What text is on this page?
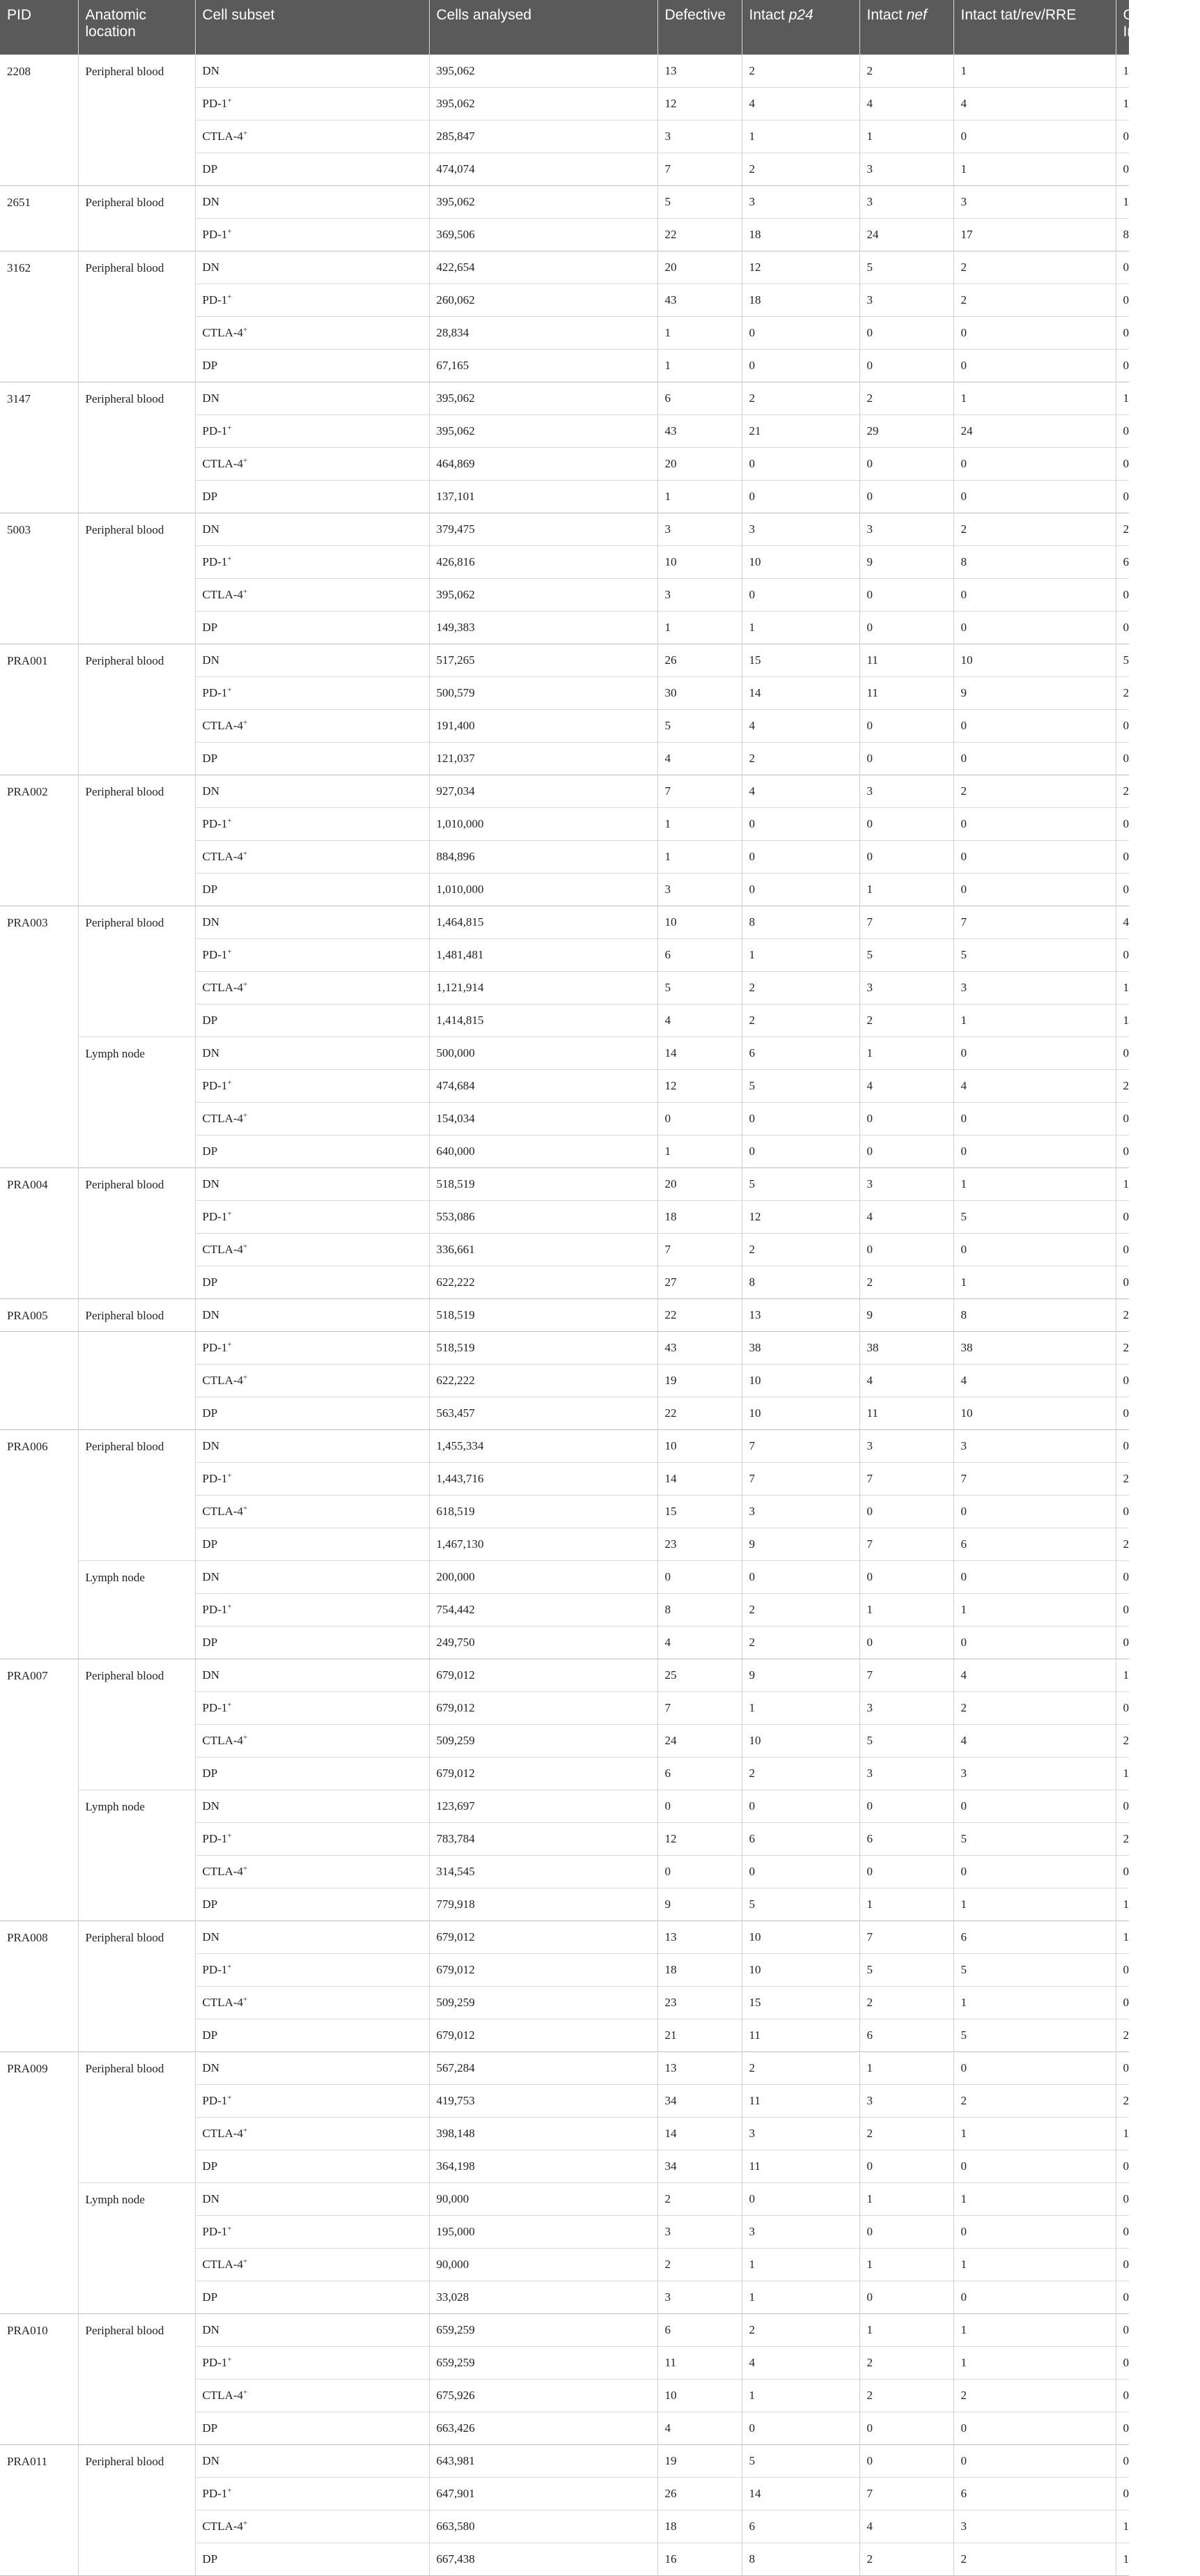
PID	Anatomic location	Cell subset	Cells analysed	Defective	Intact p24	Intact nef	Intact tat/rev/RRE	Genetically-Intact
2208	Peripheral blood	DN	395,062	13	2	2	1	1
		PD-1+	395,062	12	4	4	4	1
		CTLA-4+	285,847	3	1	1	0	0
		DP	474,074	7	2	3	1	0
2651	Peripheral blood	DN	395,062	5	3	3	3	1
		PD-1+	369,506	22	18	24	17	8
3162	Peripheral blood	DN	422,654	20	12	5	2	0
		PD-1+	260,062	43	18	3	2	0
		CTLA-4+	28,834	1	0	0	0	0
		DP	67,165	1	0	0	0	0
3147	Peripheral blood	DN	395,062	6	2	2	1	1
		PD-1+	395,062	43	21	29	24	0
		CTLA-4+	464,869	20	0	0	0	0
		DP	137,101	1	0	0	0	0
5003	Peripheral blood	DN	379,475	3	3	3	2	2
		PD-1+	426,816	10	10	9	8	6
		CTLA-4+	395,062	3	0	0	0	0
		DP	149,383	1	1	0	0	0
PRA001	Peripheral blood	DN	517,265	26	15	11	10	5
		PD-1+	500,579	30	14	11	9	2
		CTLA-4+	191,400	5	4	0	0	0
		DP	121,037	4	2	0	0	0
PRA002	Peripheral blood	DN	927,034	7	4	3	2	2
		PD-1+	1,010,000	1	0	0	0	0
		CTLA-4+	884,896	1	0	0	0	0
		DP	1,010,000	3	0	1	0	0
PRA003	Peripheral blood	DN	1,464,815	10	8	7	7	4
		PD-1+	1,481,481	6	1	5	5	0
		CTLA-4+	1,121,914	5	2	3	3	1
		DP	1,414,815	4	2	2	1	1
	Lymph node	DN	500,000	14	6	1	0	0
		PD-1+	474,684	12	5	4	4	2
		CTLA-4+	154,034	0	0	0	0	0
		DP	640,000	1	0	0	0	0
PRA004	Peripheral blood	DN	518,519	20	5	3	1	1
		PD-1+	553,086	18	12	4	5	0
		CTLA-4+	336,661	7	2	0	0	0
		DP	622,222	27	8	2	1	0
PRA005	Peripheral blood	DN	518,519	22	13	9	8	2
		PD-1+	518,519	43	38	38	38	2
		CTLA-4+	622,222	19	10	4	4	0
		DP	563,457	22	10	11	10	0
PRA006	Peripheral blood	DN	1,455,334	10	7	3	3	0
		PD-1+	1,443,716	14	7	7	7	2
		CTLA-4+	618,519	15	3	0	0	0
		DP	1,467,130	23	9	7	6	2
	Lymph node	DN	200,000	0	0	0	0	0
		PD-1+	754,442	8	2	1	1	0
		DP	249,750	4	2	0	0	0
PRA007	Peripheral blood	DN	679,012	25	9	7	4	1
		PD-1+	679,012	7	1	3	2	0
		CTLA-4+	509,259	24	10	5	4	2
		DP	679,012	6	2	3	3	1
	Lymph node	DN	123,697	0	0	0	0	0
		PD-1+	783,784	12	6	6	5	2
		CTLA-4+	314,545	0	0	0	0	0
		DP	779,918	9	5	1	1	1
PRA008	Peripheral blood	DN	679,012	13	10	7	6	1
		PD-1+	679,012	18	10	5	5	0
		CTLA-4+	509,259	23	15	2	1	0
		DP	679,012	21	11	6	5	2
PRA009	Peripheral blood	DN	567,284	13	2	1	0	0
		PD-1+	419,753	34	11	3	2	2
		CTLA-4+	398,148	14	3	2	1	1
		DP	364,198	34	11	0	0	0
	Lymph node	DN	90,000	2	0	1	1	0
		PD-1+	195,000	3	3	0	0	0
		CTLA-4+	90,000	2	1	1	1	0
		DP	33,028	3	1	0	0	0
PRA010	Peripheral blood	DN	659,259	6	2	1	1	0
		PD-1+	659,259	11	4	2	1	0
		CTLA-4+	675,926	10	1	2	2	0
		DP	663,426	4	0	0	0	0
PRA011	Peripheral blood	DN	643,981	19	5	0	0	0
		PD-1+	647,901	26	14	7	6	0
		CTLA-4+	663,580	18	6	4	3	1
		DP	667,438	16	8	2	2	1
